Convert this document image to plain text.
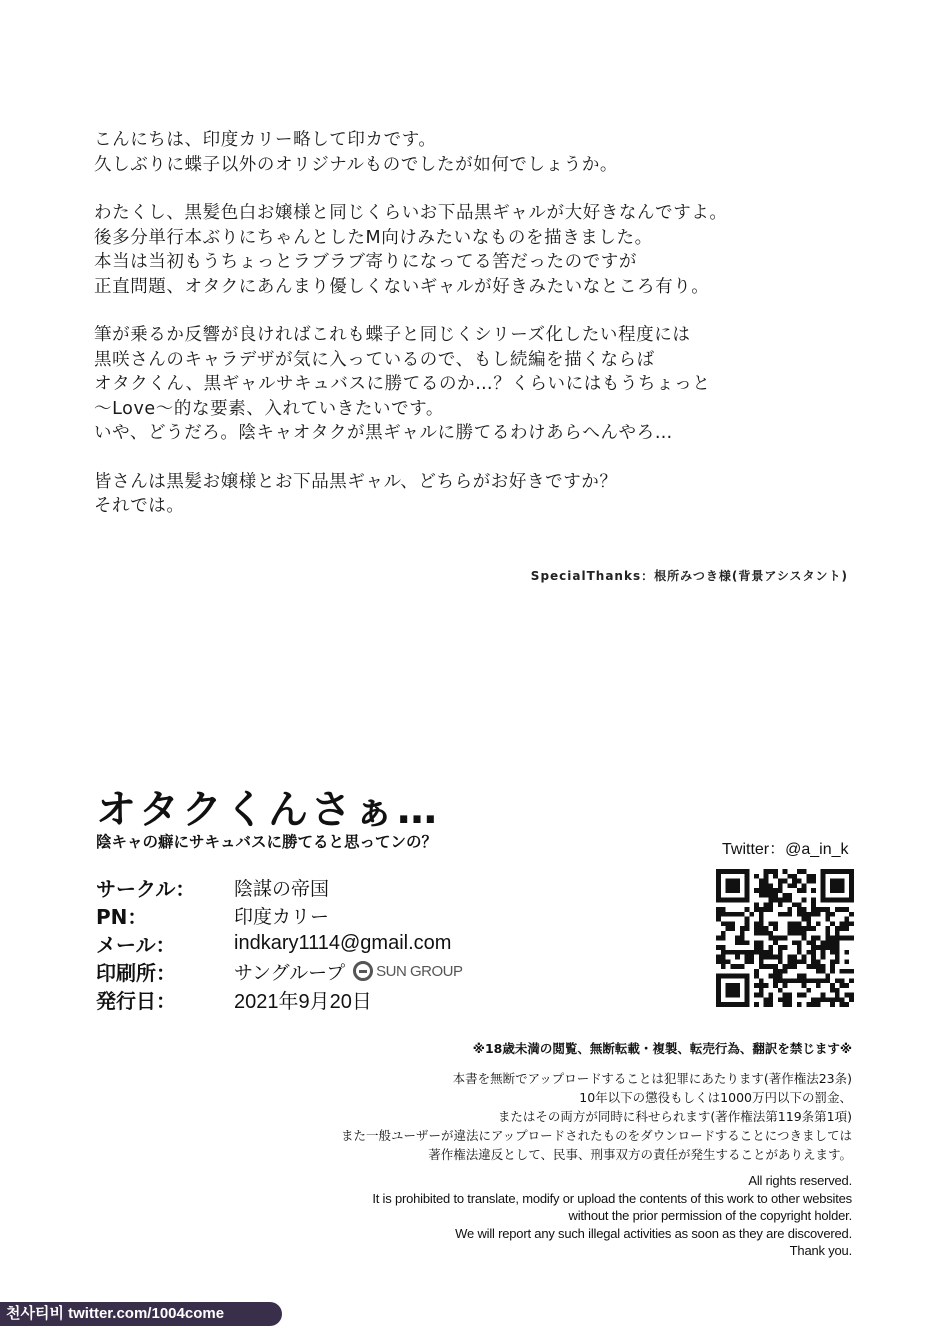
こんにちは、印度カリー略して印カです。
久しぶりに蝶子以外のオリジナルものでしたが如何でしょうか。
わたくし、黒髪色白お嬢様と同じくらいお下品黒ギャルが大好きなんですよ。
後多分単行本ぶりにちゃんとしたM向けみたいなものを描きました。
本当は当初もうちょっとラブラブ寄りになってる筈だったのですが
正直問題、オタクにあんまり優しくないギャルが好きみたいなところ有り。
筆が乗るか反響が良ければこれも蝶子と同じくシリーズ化したい程度には
黒咲さんのキャラデザが気に入っているので、もし続編を描くならば
オタクくん、黒ギャルサキュバスに勝てるのか…？くらいにはもうちょっと
～Love～的な要素、入れていきたいです。
いや、どうだろ。陰キャオタクが黒ギャルに勝てるわけあらへんやろ…
皆さんは黒髪お嬢様とお下品黒ギャル、どちらがお好きですか？
それでは。
SpecialThanks：根所みつき様(背景アシスタント)
オタクくんさぁ…
陰キャの癖にサキュバスに勝てると思ってンの？	Twitter：@a_in_k
サークル：	陰謀の帝国
PN：	印度カリー
メール：	indkary1114@gmail.com
印刷所：	サングループ SUN GROUP
発行日：	2021年9月20日
※18歳未満の閲覧、無断転載・複製、転売行為、翻訳を禁じます※
本書を無断でアップロードすることは犯罪にあたります(著作権法23条)
10年以下の懲役もしくは1000万円以下の罰金、
またはその両方が同時に科せられます(著作権法第119条第1項)
また一般ユーザーが違法にアップロードされたものをダウンロードすることにつきましては
著作権法違反として、民事、刑事双方の責任が発生することがありえます。
All rights reserved.
It is prohibited to translate, modify or upload the contents of this work to other websites
without the prior permission of the copyright holder.
We will report any such illegal activities as soon as they are discovered.
Thank you.
천사티비 twitter.com/1004come
